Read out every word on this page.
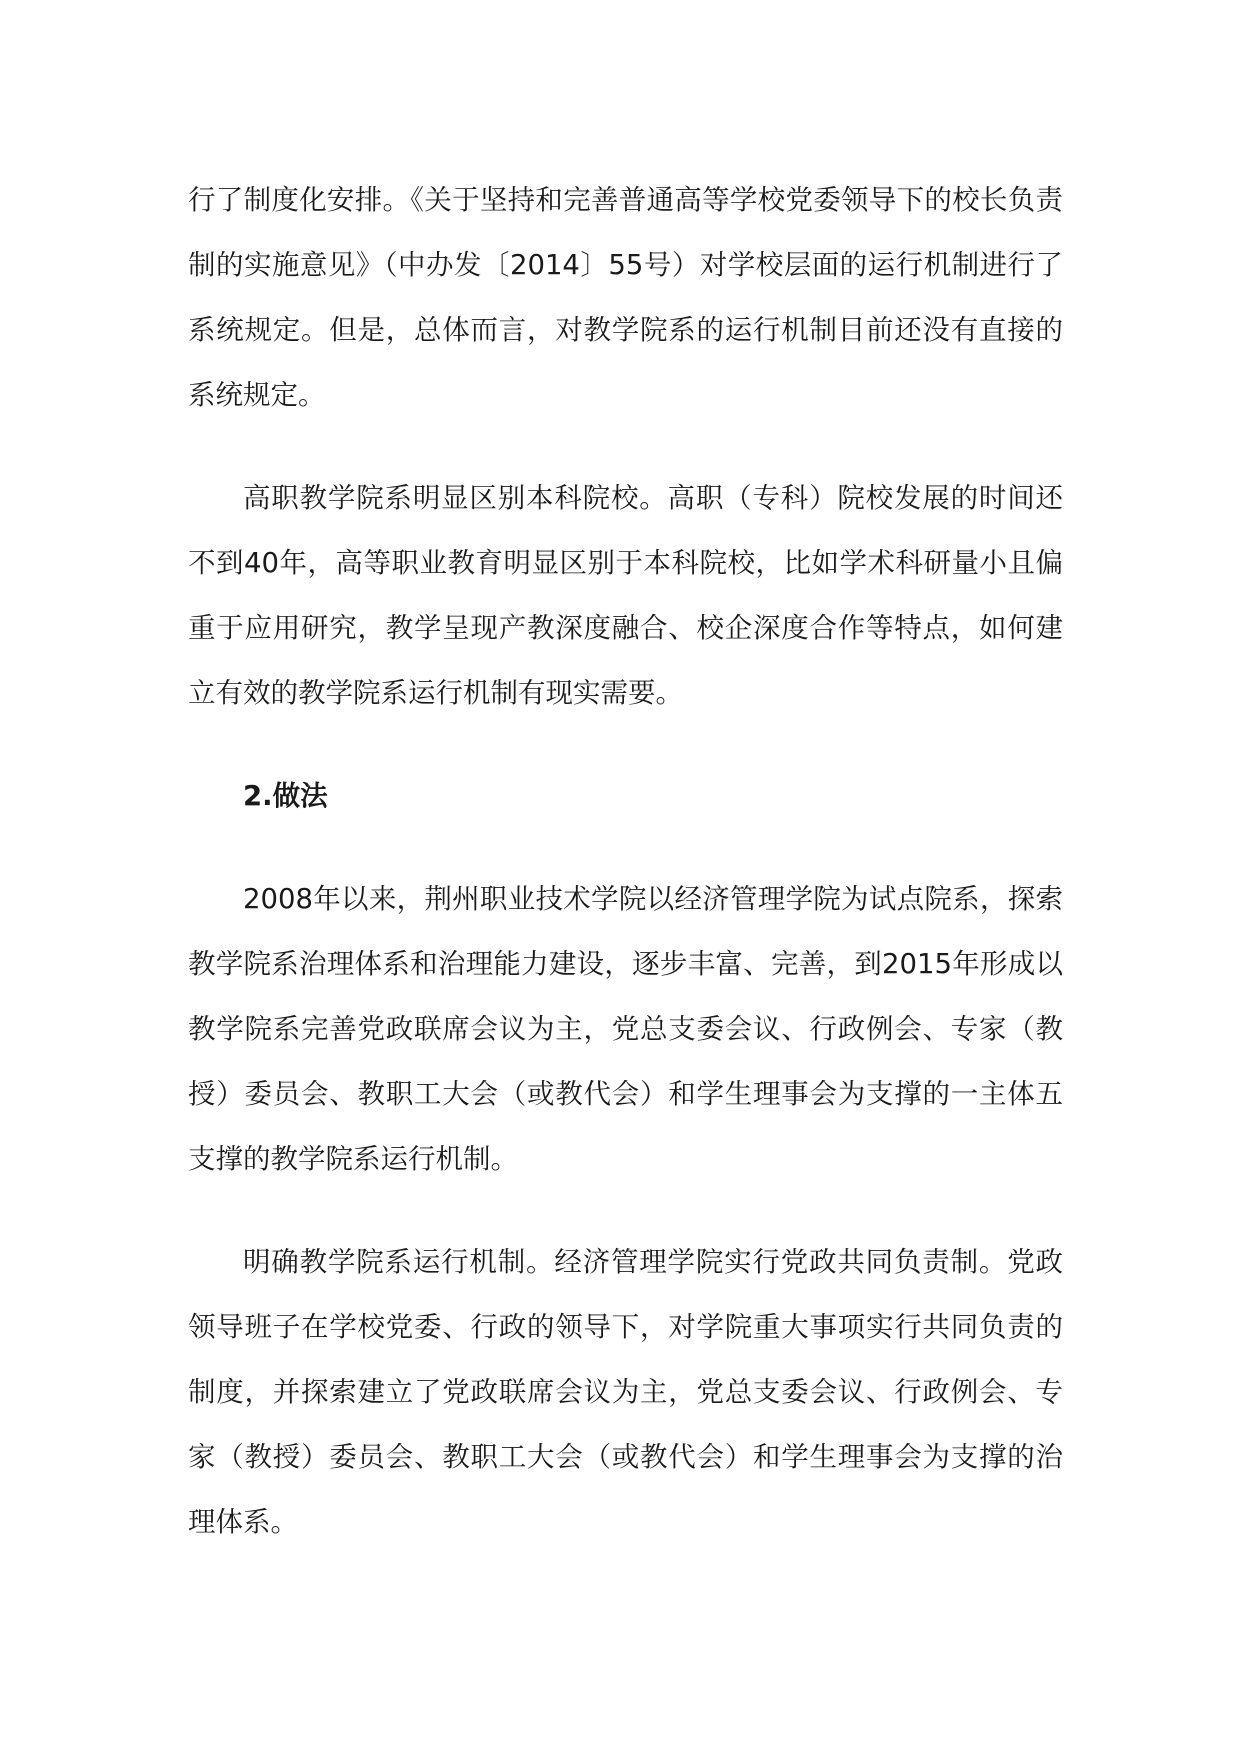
行了制度化安排。《关于坚持和完善普通高等学校党委领导下的校长负责制的实施意见》（中办发〔2014〕55号）对学校层面的运行机制进行了系统规定。但是，总体而言，对教学院系的运行机制目前还没有直接的系统规定。

高职教学院系明显区别本科院校。高职（专科）院校发展的时间还不到40年，高等职业教育明显区别于本科院校，比如学术科研量小且偏重于应用研究，教学呈现产教深度融合、校企深度合作等特点，如何建立有效的教学院系运行机制有现实需要。

2.做法

2008年以来，荆州职业技术学院以经济管理学院为试点院系，探索教学院系治理体系和治理能力建设，逐步丰富、完善，到2015年形成以教学院系完善党政联席会议为主，党总支委会议、行政例会、专家（教授）委员会、教职工大会（或教代会）和学生理事会为支撑的一主体五支撑的教学院系运行机制。

明确教学院系运行机制。经济管理学院实行党政共同负责制。党政领导班子在学校党委、行政的领导下，对学院重大事项实行共同负责的制度，并探索建立了党政联席会议为主，党总支委会议、行政例会、专家（教授）委员会、教职工大会（或教代会）和学生理事会为支撑的治理体系。
